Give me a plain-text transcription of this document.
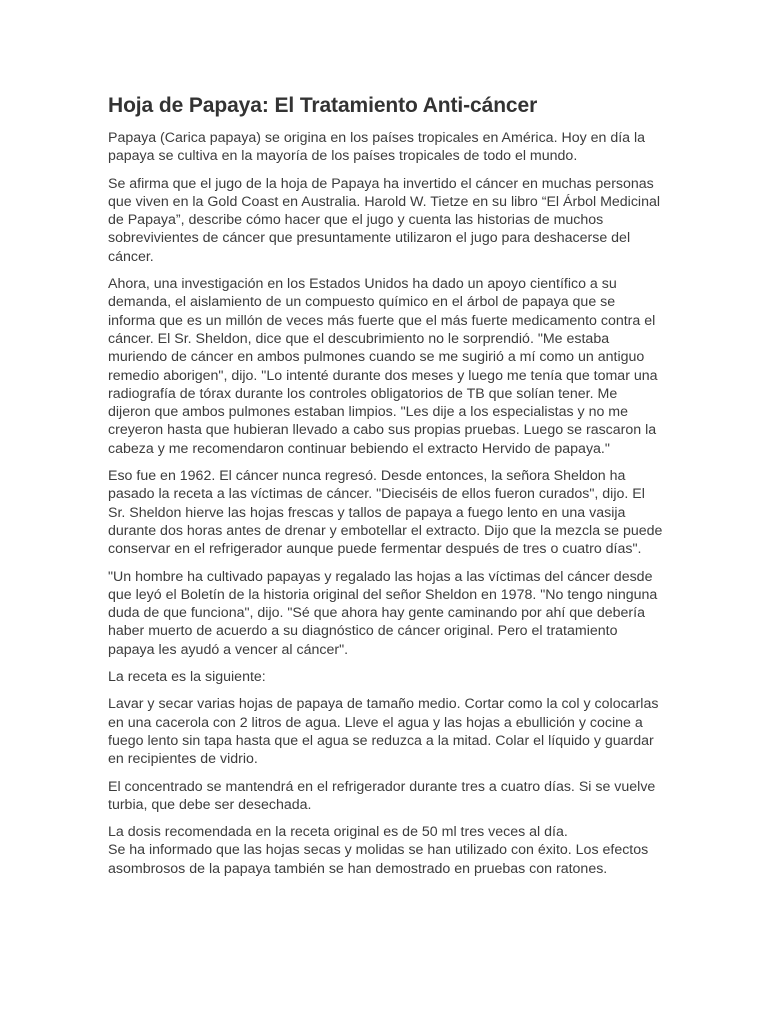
Hoja de Papaya: El Tratamiento Anti-cáncer

Papaya (Carica papaya) se origina en los países tropicales en América. Hoy en día la papaya se cultiva en la mayoría de los países tropicales de todo el mundo.

Se afirma que el jugo de la hoja de Papaya ha invertido el cáncer en muchas personas que viven en la Gold Coast en Australia. Harold W. Tietze en su libro “El Árbol Medicinal de Papaya”, describe cómo hacer que el jugo y cuenta las historias de muchos sobrevivientes de cáncer que presuntamente utilizaron el jugo para deshacerse del cáncer.

Ahora, una investigación en los Estados Unidos ha dado un apoyo científico a su demanda, el aislamiento de un compuesto químico en el árbol de papaya que se informa que es un millón de veces más fuerte que el más fuerte medicamento contra el cáncer. El Sr. Sheldon, dice que el descubrimiento no le sorprendió. "Me estaba muriendo de cáncer en ambos pulmones cuando se me sugirió a mí como un antiguo remedio aborigen", dijo. "Lo intenté durante dos meses y luego me tenía que tomar una radiografía de tórax durante los controles obligatorios de TB que solían tener. Me dijeron que ambos pulmones estaban limpios. "Les dije a los especialistas y no me creyeron hasta que hubieran llevado a cabo sus propias pruebas. Luego se rascaron la cabeza y me recomendaron continuar bebiendo el extracto Hervido de papaya."

Eso fue en 1962. El cáncer nunca regresó. Desde entonces, la señora Sheldon ha pasado la receta a las víctimas de cáncer. "Dieciséis de ellos fueron curados", dijo. El Sr. Sheldon hierve las hojas frescas y tallos de papaya a fuego lento en una vasija durante dos horas antes de drenar y embotellar el extracto. Dijo que la mezcla se puede conservar en el refrigerador aunque puede fermentar después de tres o cuatro días".

"Un hombre ha cultivado papayas y regalado las hojas a las víctimas del cáncer desde que leyó el Boletín de la historia original del señor Sheldon en 1978. "No tengo ninguna duda de que funciona", dijo. "Sé que ahora hay gente caminando por ahí que debería haber muerto de acuerdo a su diagnóstico de cáncer original. Pero el tratamiento papaya les ayudó a vencer al cáncer".

La receta es la siguiente:

Lavar y secar varias hojas de papaya de tamaño medio. Cortar como la col y colocarlas en una cacerola con 2 litros de agua. Lleve el agua y las hojas a ebullición y cocine a fuego lento sin tapa hasta que el agua se reduzca a la mitad. Colar el líquido y guardar en recipientes de vidrio.

El concentrado se mantendrá en el refrigerador durante tres a cuatro días. Si se vuelve turbia, que debe ser desechada.

La dosis recomendada en la receta original es de 50 ml tres veces al día.

Se ha informado que las hojas secas y molidas se han utilizado con éxito. Los efectos asombrosos de la papaya también se han demostrado en pruebas con ratones.
